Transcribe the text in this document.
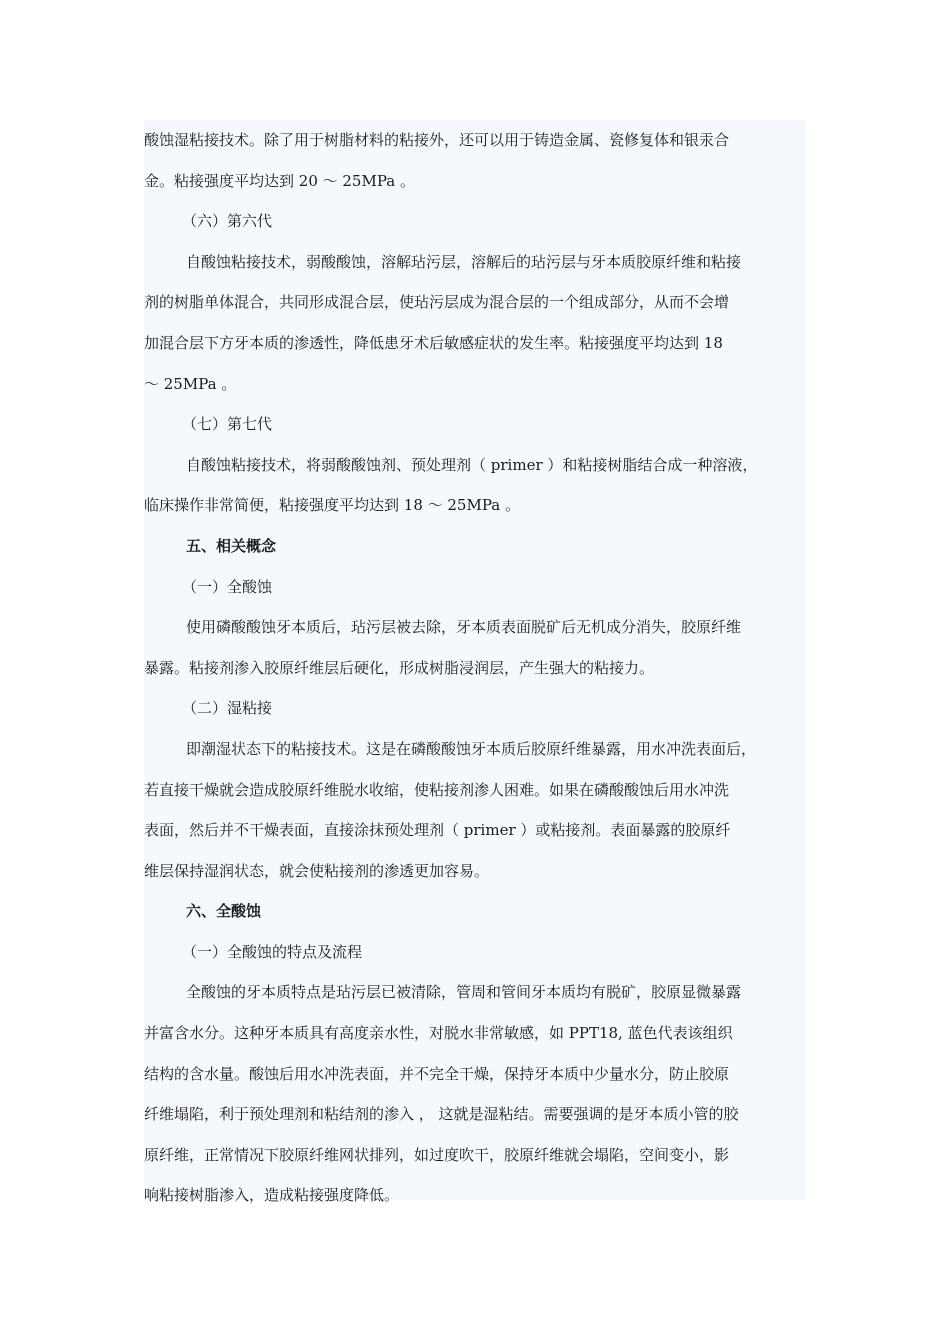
酸蚀湿粘接技术。除了用于树脂材料的粘接外，还可以用于铸造金属、瓷修复体和银汞合
金。粘接强度平均达到 20 ～ 25MPa 。
（六）第六代
自酸蚀粘接技术，弱酸酸蚀，溶解玷污层，溶解后的玷污层与牙本质胶原纤维和粘接
剂的树脂单体混合，共同形成混合层，使玷污层成为混合层的一个组成部分，从而不会增
加混合层下方牙本质的渗透性，降低患牙术后敏感症状的发生率。粘接强度平均达到 18
～ 25MPa 。
（七）第七代
自酸蚀粘接技术，将弱酸酸蚀剂、预处理剂（ primer ）和粘接树脂结合成一种溶液，
临床操作非常简便，粘接强度平均达到 18 ～ 25MPa 。
五、相关概念
（一）全酸蚀
使用磷酸酸蚀牙本质后，玷污层被去除，牙本质表面脱矿后无机成分消失，胶原纤维
暴露。粘接剂渗入胶原纤维层后硬化，形成树脂浸润层，产生强大的粘接力。
（二）湿粘接
即潮湿状态下的粘接技术。这是在磷酸酸蚀牙本质后胶原纤维暴露，用水冲洗表面后，
若直接干燥就会造成胶原纤维脱水收缩，使粘接剂渗人困难。如果在磷酸酸蚀后用水冲洗
表面，然后并不干燥表面，直接涂抹预处理剂（ primer ）或粘接剂。表面暴露的胶原纤
维层保持湿润状态，就会使粘接剂的渗透更加容易。
六、全酸蚀
（一）全酸蚀的特点及流程
全酸蚀的牙本质特点是玷污层已被清除，管周和管间牙本质均有脱矿，胶原显微暴露
并富含水分。这种牙本质具有高度亲水性，对脱水非常敏感，如 PPT18, 蓝色代表该组织
结构的含水量。酸蚀后用水冲洗表面，并不完全干燥，保持牙本质中少量水分，防止胶原
纤维塌陷，利于预处理剂和粘结剂的渗入 ， 这就是湿粘结。需要强调的是牙本质小管的胶
原纤维，正常情况下胶原纤维网状排列，如过度吹干，胶原纤维就会塌陷，空间变小，影
响粘接树脂渗入，造成粘接强度降低。
